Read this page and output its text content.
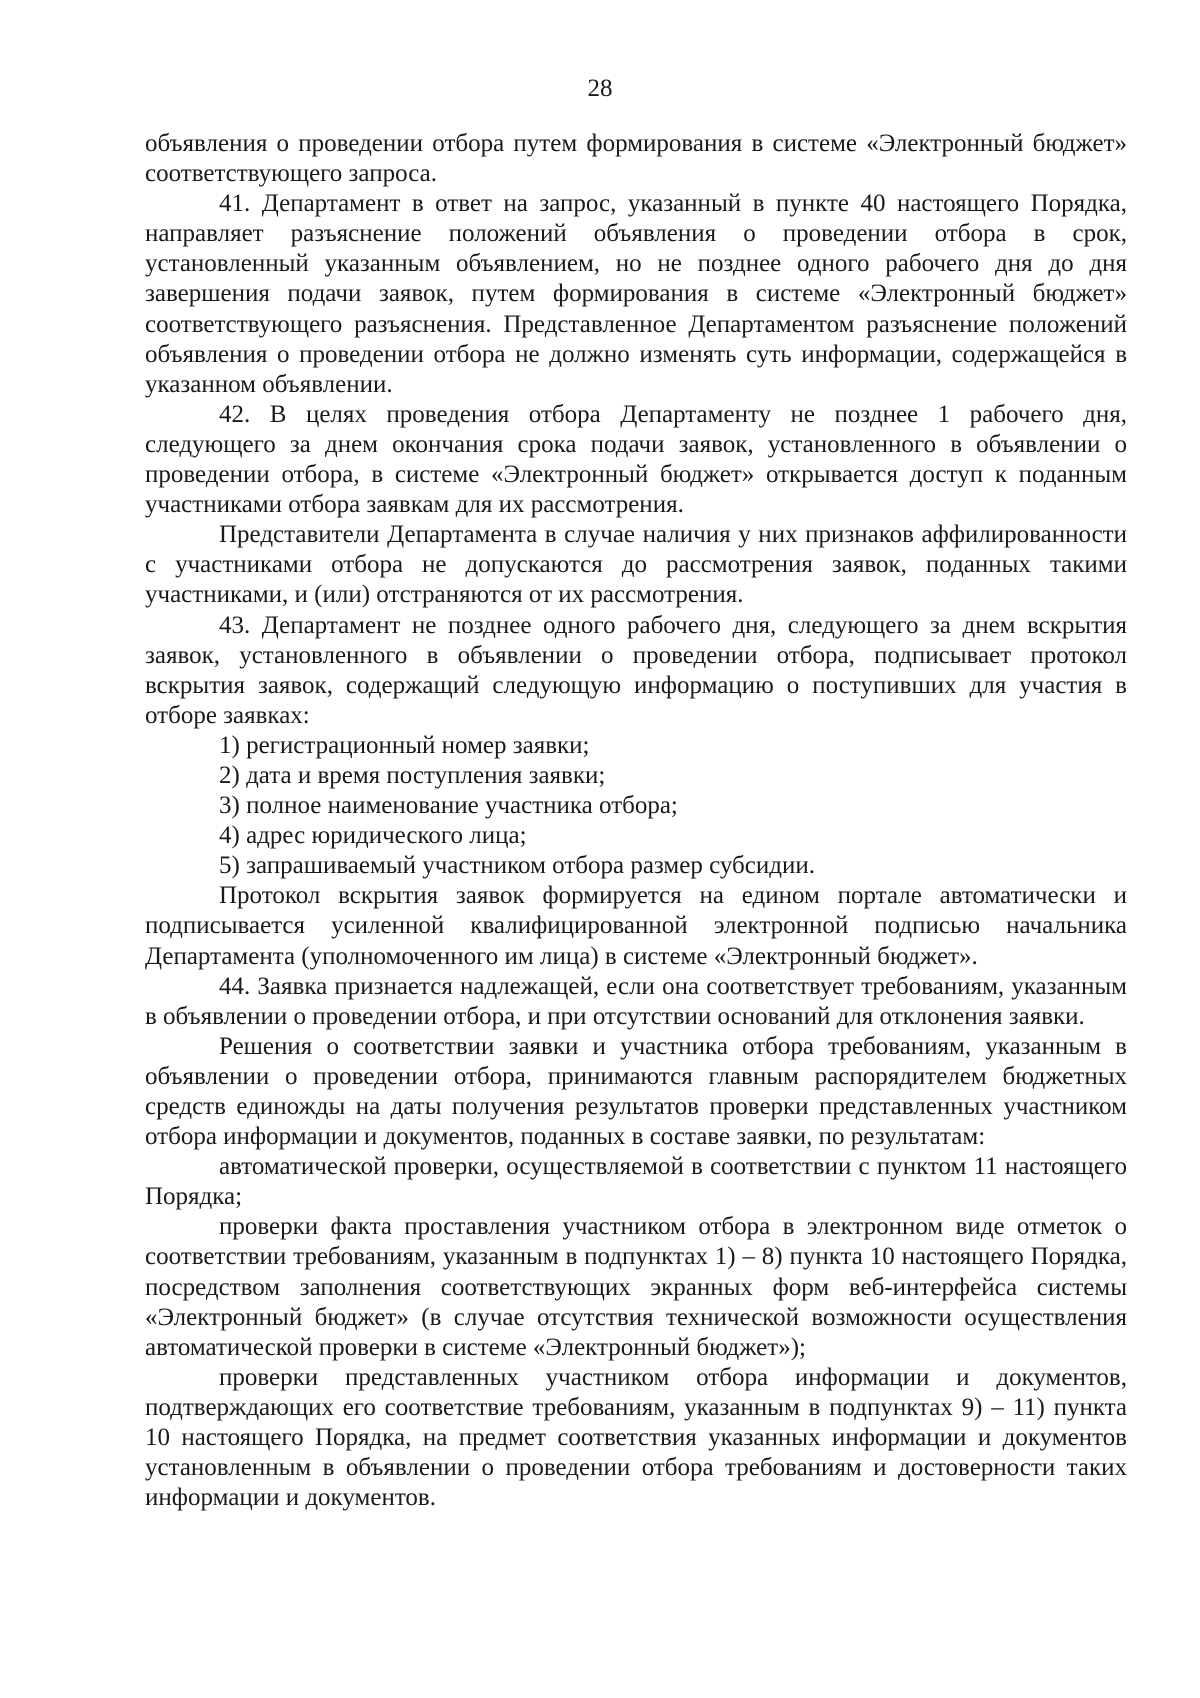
28

объявления о проведении отбора путем формирования в системе «Электронный бюджет» соответствующего запроса.

41. Департамент в ответ на запрос, указанный в пункте 40 настоящего Порядка, направляет разъяснение положений объявления о проведении отбора в срок, установленный указанным объявлением, но не позднее одного рабочего дня до дня завершения подачи заявок, путем формирования в системе «Электронный бюджет» соответствующего разъяснения. Представленное Департаментом разъяснение положений объявления о проведении отбора не должно изменять суть информации, содержащейся в указанном объявлении.

42. В целях проведения отбора Департаменту не позднее 1 рабочего дня, следующего за днем окончания срока подачи заявок, установленного в объявлении о проведении отбора, в системе «Электронный бюджет» открывается доступ к поданным участниками отбора заявкам для их рассмотрения.

Представители Департамента в случае наличия у них признаков аффилированности с участниками отбора не допускаются до рассмотрения заявок, поданных такими участниками, и (или) отстраняются от их рассмотрения.

43. Департамент не позднее одного рабочего дня, следующего за днем вскрытия заявок, установленного в объявлении о проведении отбора, подписывает протокол вскрытия заявок, содержащий следующую информацию о поступивших для участия в отборе заявках:

1) регистрационный номер заявки;

2) дата и время поступления заявки;

3) полное наименование участника отбора;

4) адрес юридического лица;

5) запрашиваемый участником отбора размер субсидии.

Протокол вскрытия заявок формируется на едином портале автоматически и подписывается усиленной квалифицированной электронной подписью начальника Департамента (уполномоченного им лица) в системе «Электронный бюджет».

44. Заявка признается надлежащей, если она соответствует требованиям, указанным в объявлении о проведении отбора, и при отсутствии оснований для отклонения заявки.

Решения о соответствии заявки и участника отбора требованиям, указанным в объявлении о проведении отбора, принимаются главным распорядителем бюджетных средств единожды на даты получения результатов проверки представленных участником отбора информации и документов, поданных в составе заявки, по результатам:

автоматической проверки, осуществляемой в соответствии с пунктом 11 настоящего Порядка;

проверки факта проставления участником отбора в электронном виде отметок о соответствии требованиям, указанным в подпунктах 1) – 8) пункта 10 настоящего Порядка, посредством заполнения соответствующих экранных форм веб-интерфейса системы «Электронный бюджет» (в случае отсутствия технической возможности осуществления автоматической проверки в системе «Электронный бюджет»);

проверки представленных участником отбора информации и документов, подтверждающих его соответствие требованиям, указанным в подпунктах 9) – 11) пункта 10 настоящего Порядка, на предмет соответствия указанных информации и документов установленным в объявлении о проведении отбора требованиям и достоверности таких информации и документов.
